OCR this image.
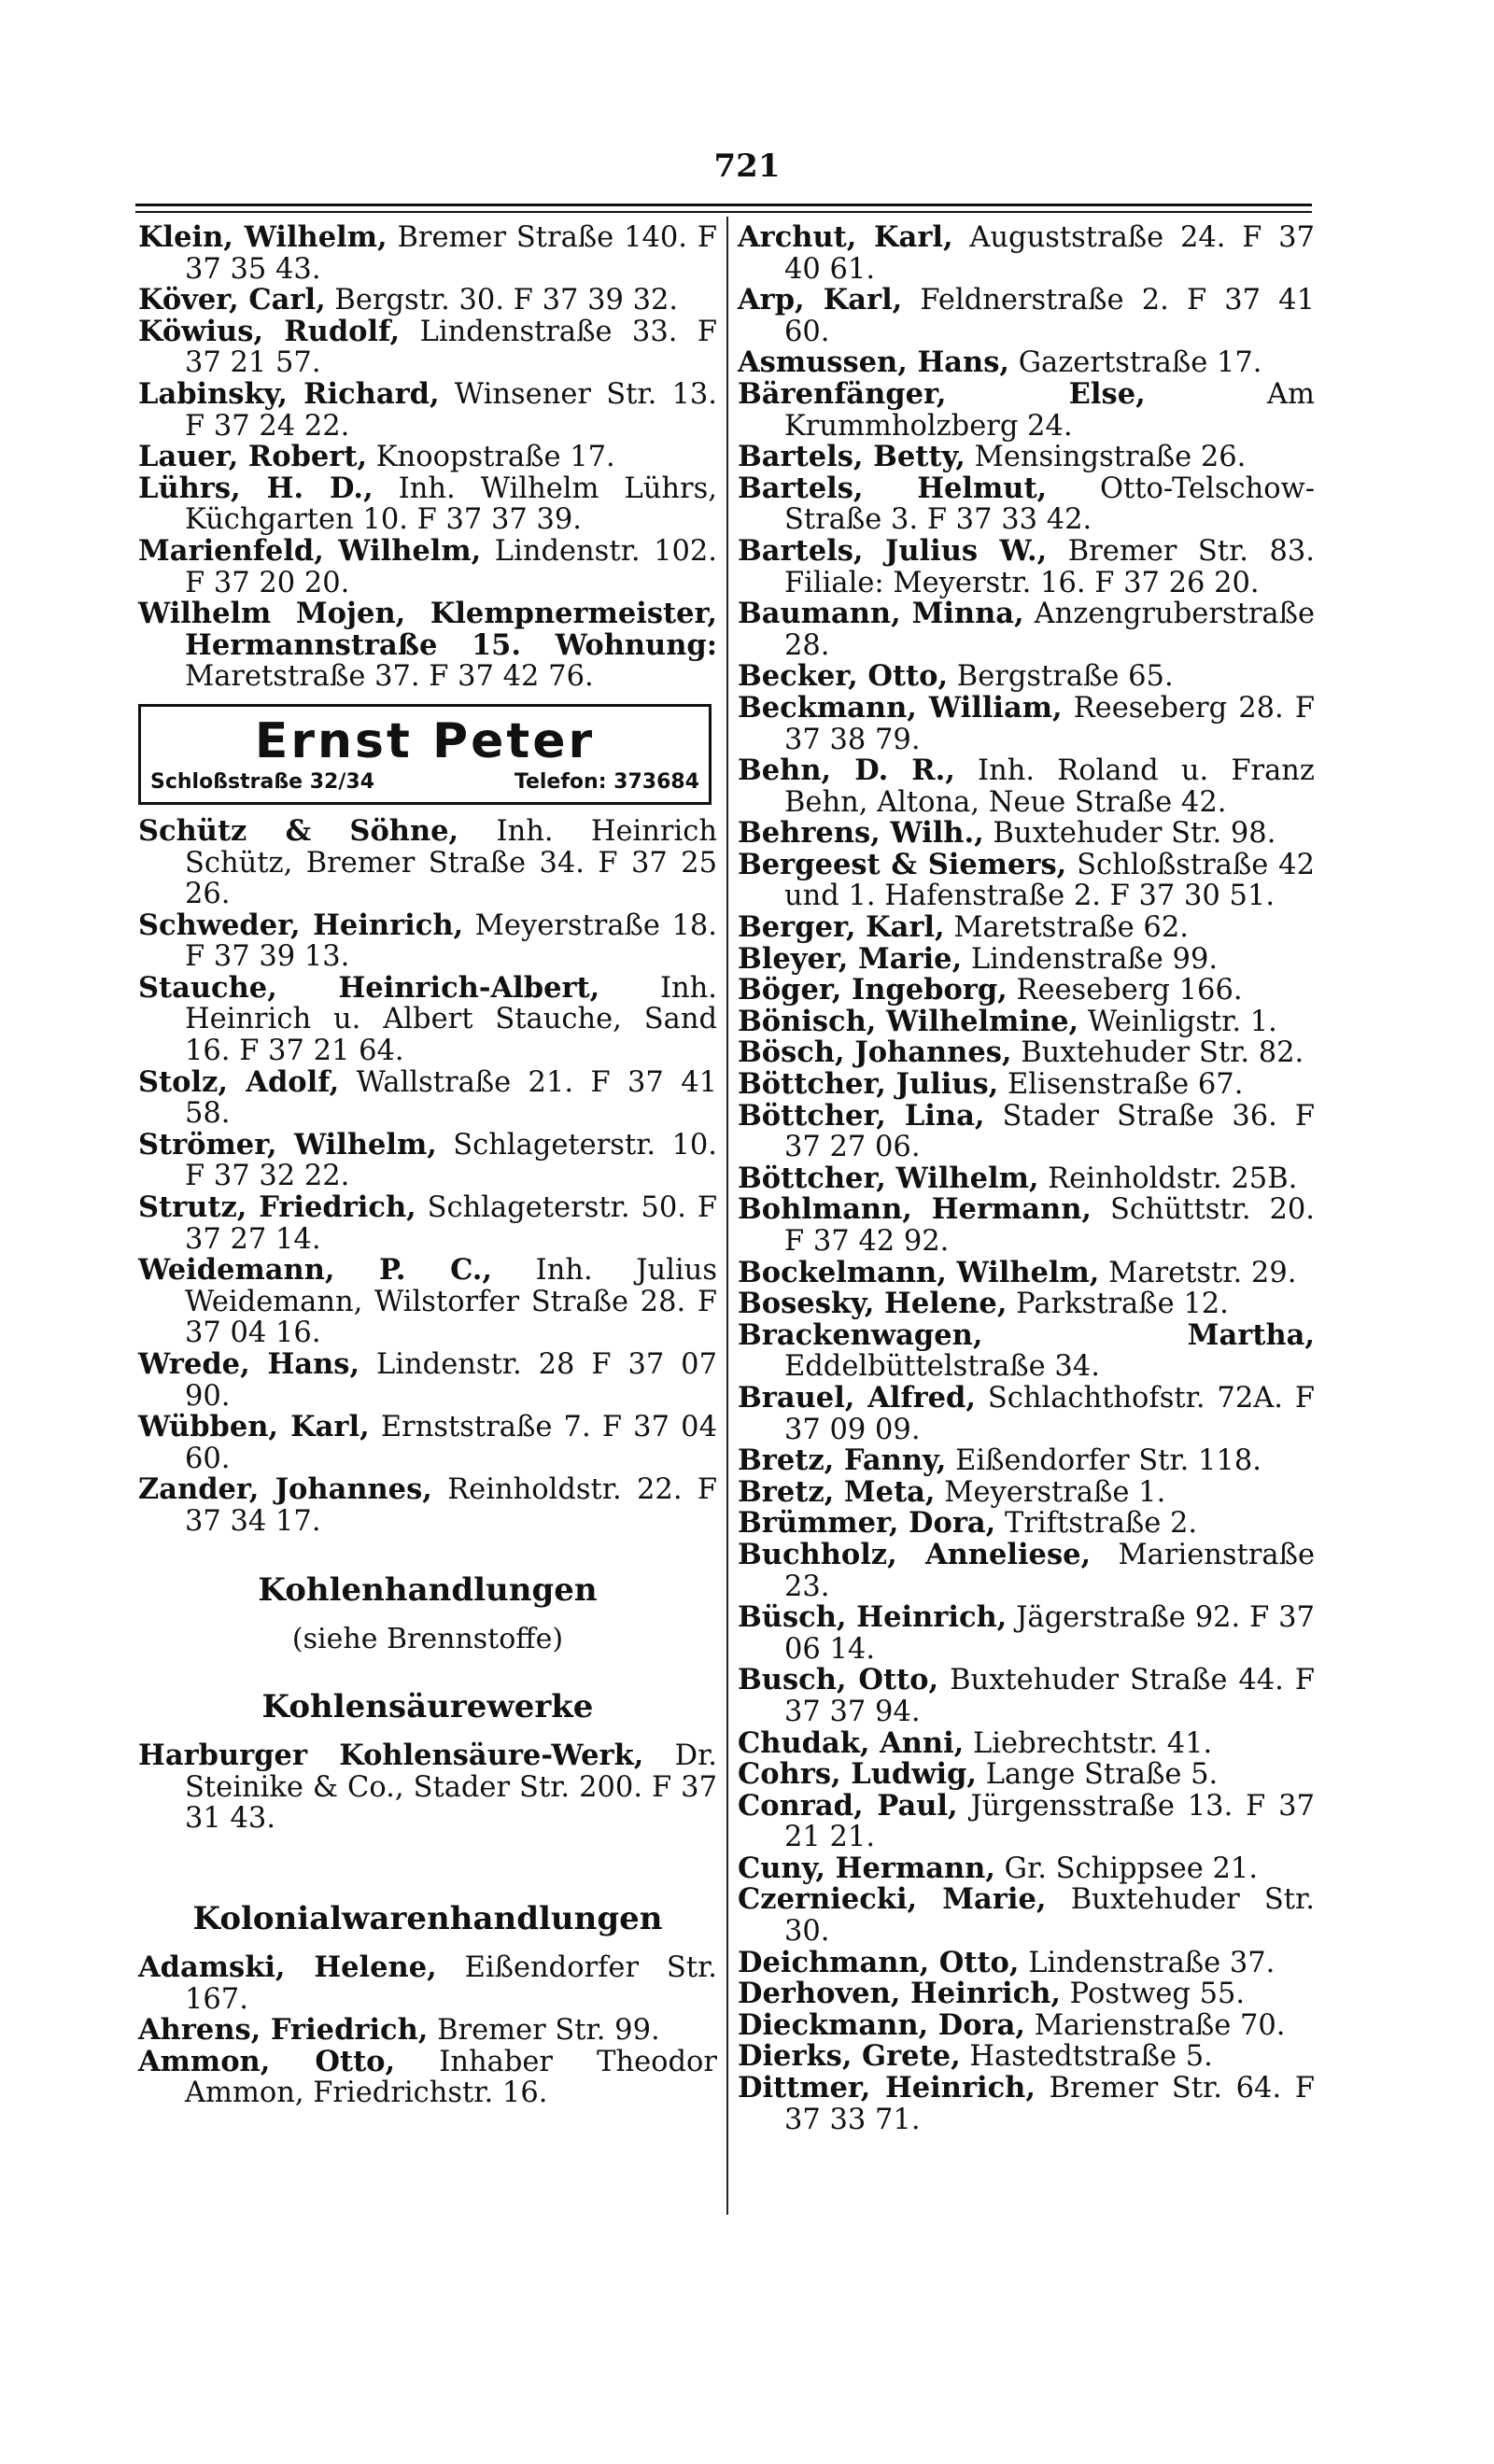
721
Klein, Wilhelm, Bremer Straße 140. F 37 35 43.
Köver, Carl, Bergstr. 30. F 37 39 32.
Köwius, Rudolf, Lindenstraße 33. F 37 21 57.
Labinsky, Richard, Winsener Str. 13. F 37 24 22.
Lauer, Robert, Knoopstraße 17.
Lührs, H. D., Inh. Wilhelm Lührs, Küchgarten 10. F 37 37 39.
Marienfeld, Wilhelm, Lindenstr. 102. F 37 20 20.
Wilhelm Mojen, Klempnermeister, Hermannstraße 15. Wohnung: Maretstraße 37. F 37 42 76.
Ernst Peter
Schloßstraße 32/34	Telefon: 373684
Schütz & Söhne, Inh. Heinrich Schütz, Bremer Straße 34. F 37 25 26.
Schweder, Heinrich, Meyerstraße 18. F 37 39 13.
Stauche, Heinrich-Albert, Inh. Heinrich u. Albert Stauche, Sand 16. F 37 21 64.
Stolz, Adolf, Wallstraße 21. F 37 41 58.
Strömer, Wilhelm, Schlageterstr. 10. F 37 32 22.
Strutz, Friedrich, Schlageterstr. 50. F 37 27 14.
Weidemann, P. C., Inh. Julius Weidemann, Wilstorfer Straße 28. F 37 04 16.
Wrede, Hans, Lindenstr. 28 F 37 07 90.
Wübben, Karl, Ernststraße 7. F 37 04 60.
Zander, Johannes, Reinholdstr. 22. F 37 34 17.
Kohlenhandlungen
(siehe Brennstoffe)
Kohlensäurewerke
Harburger Kohlensäure-Werk, Dr. Steinike & Co., Stader Str. 200. F 37 31 43.
Kolonialwarenhandlungen
Adamski, Helene, Eißendorfer Str. 167.
Ahrens, Friedrich, Bremer Str. 99.
Ammon, Otto, Inhaber Theodor Ammon, Friedrichstr. 16.
Archut, Karl, Auguststraße 24. F 37 40 61.
Arp, Karl, Feldnerstraße 2. F 37 41 60.
Asmussen, Hans, Gazertstraße 17.
Bärenfänger, Else, Am Krummholzberg 24.
Bartels, Betty, Mensingstraße 26.
Bartels, Helmut, Otto-Telschow-Straße 3. F 37 33 42.
Bartels, Julius W., Bremer Str. 83. Filiale: Meyerstr. 16. F 37 26 20.
Baumann, Minna, Anzengruberstraße 28.
Becker, Otto, Bergstraße 65.
Beckmann, William, Reeseberg 28. F 37 38 79.
Behn, D. R., Inh. Roland u. Franz Behn, Altona, Neue Straße 42.
Behrens, Wilh., Buxtehuder Str. 98.
Bergeest & Siemers, Schloßstraße 42 und 1. Hafenstraße 2. F 37 30 51.
Berger, Karl, Maretstraße 62.
Bleyer, Marie, Lindenstraße 99.
Böger, Ingeborg, Reeseberg 166.
Bönisch, Wilhelmine, Weinligstr. 1.
Bösch, Johannes, Buxtehuder Str. 82.
Böttcher, Julius, Elisenstraße 67.
Böttcher, Lina, Stader Straße 36. F 37 27 06.
Böttcher, Wilhelm, Reinholdstr. 25B.
Bohlmann, Hermann, Schüttstr. 20. F 37 42 92.
Bockelmann, Wilhelm, Maretstr. 29.
Bosesky, Helene, Parkstraße 12.
Brackenwagen, Martha, Eddelbüttelstraße 34.
Brauel, Alfred, Schlachthofstr. 72A. F 37 09 09.
Bretz, Fanny, Eißendorfer Str. 118.
Bretz, Meta, Meyerstraße 1.
Brümmer, Dora, Triftstraße 2.
Buchholz, Anneliese, Marienstraße 23.
Büsch, Heinrich, Jägerstraße 92. F 37 06 14.
Busch, Otto, Buxtehuder Straße 44. F 37 37 94.
Chudak, Anni, Liebrechtstr. 41.
Cohrs, Ludwig, Lange Straße 5.
Conrad, Paul, Jürgensstraße 13. F 37 21 21.
Cuny, Hermann, Gr. Schippsee 21.
Czerniecki, Marie, Buxtehuder Str. 30.
Deichmann, Otto, Lindenstraße 37.
Derhoven, Heinrich, Postweg 55.
Dieckmann, Dora, Marienstraße 70.
Dierks, Grete, Hastedtstraße 5.
Dittmer, Heinrich, Bremer Str. 64. F 37 33 71.
